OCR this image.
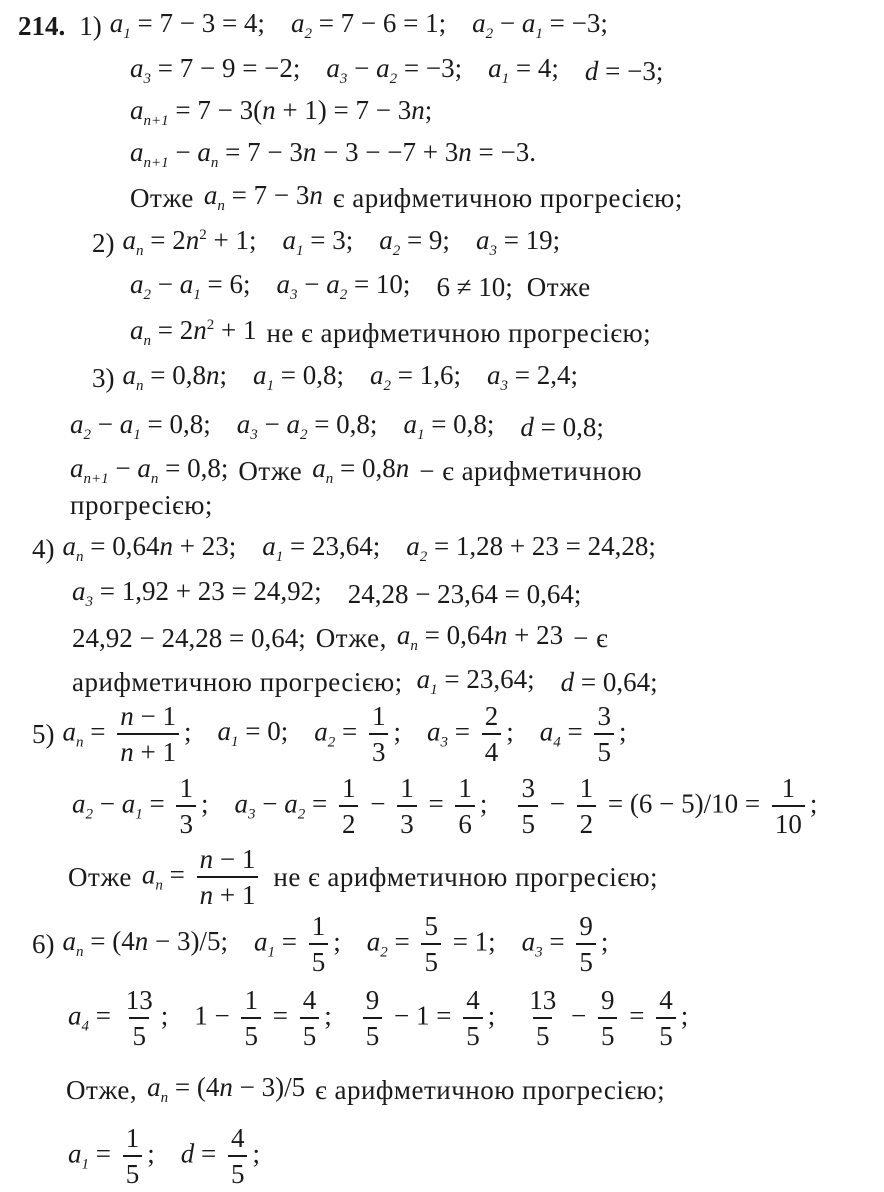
214. 1) $a_1 = 7 - 3 = 4$; $a_2 = 7 - 6 = 1$; $a_2 - a_1 = -3$;
$a_3 = 7 - 9 = -2$; $a_3 - a_2 = -3$; $a_1 = 4$; d = −3;
$a_{n+1} = 7 - 3(n + 1) = 7 - 3n$;
$a_{n+1} - a_n = 7 - 3n - 3 - -7 + 3n = -3$.
Отже $a_n = 7 - 3n$ є арифметичною прогресією;
2) $a_n = 2n^2 + 1$; $a_1 = 3$; $a_2 = 9$; $a_3 = 19$;
$a_2 - a_1 = 6$; $a_3 - a_2 = 10$; 6 ≠ 10; Отже
$a_n = 2n^2 + 1$ не є арифметичною прогресією;
3) $a_n = 0,8n$; $a_1 = 0,8$; $a_2 = 1,6$; $a_3 = 2,4$;
$a_2 - a_1 = 0,8$; $a_3 - a_2 = 0,8$; $a_1 = 0,8$; d = 0,8;
$a_{n+1} - a_n = 0,8$; Отже $a_n = 0,8n - є$ арифметичною
прогресією;
4) $a_n = 0,64n + 23$; $a_1 = 23,64$; $a_2 = 1,28 + 23 = 24,28$;
$a_3 = 1,92 + 23 = 24,92$; 24,28 − 23,64 = 0,64;
24,92 − 24,28 = 0,64; Отже, $a_n = 0,64n + 23 - є$
арифметичною прогресією; $a_1 = 23,64$; d = 0,64;
5) $a_n = \frac{n - 1}{n + 1}$ ; $a_1 = 0$; $a_2 = \frac{1}{3}$ ; $a_3 = \frac{2}{4}$ ; $a_4 = \frac{3}{5}$ ;
$a_2 - a_1 = \frac{1}{3}$ ; $a_3 - a_2 = \frac{1}{2} - \frac{1}{3} = \frac{1}{6}$ ; $\frac{3}{5} - \frac{1}{2} = (6 - 5)/10 = \frac{1}{10}$ ;
Отже $a_n = \frac{n - 1}{n + 1}$ не є арифметичною прогресією;
6) $a_n = (4n - 3)/5$; $a_1 = \frac{1}{5}$ ; $a_2 = \frac{5}{5} = 1$; $a_3 = \frac{9}{5}$ ;
$a_4 = \frac{13}{5}$ ; $1 - \frac{1}{5} = \frac{4}{5}$ ; $\frac{9}{5} - 1 = \frac{4}{5}$ ; $\frac{13}{5} - \frac{9}{5} = \frac{4}{5}$ ;
Отже, $a_n = (4n - 3)/5$ є арифметичною прогресією;
$a_1 = \frac{1}{5}$ ; $d = \frac{4}{5}$ ;
